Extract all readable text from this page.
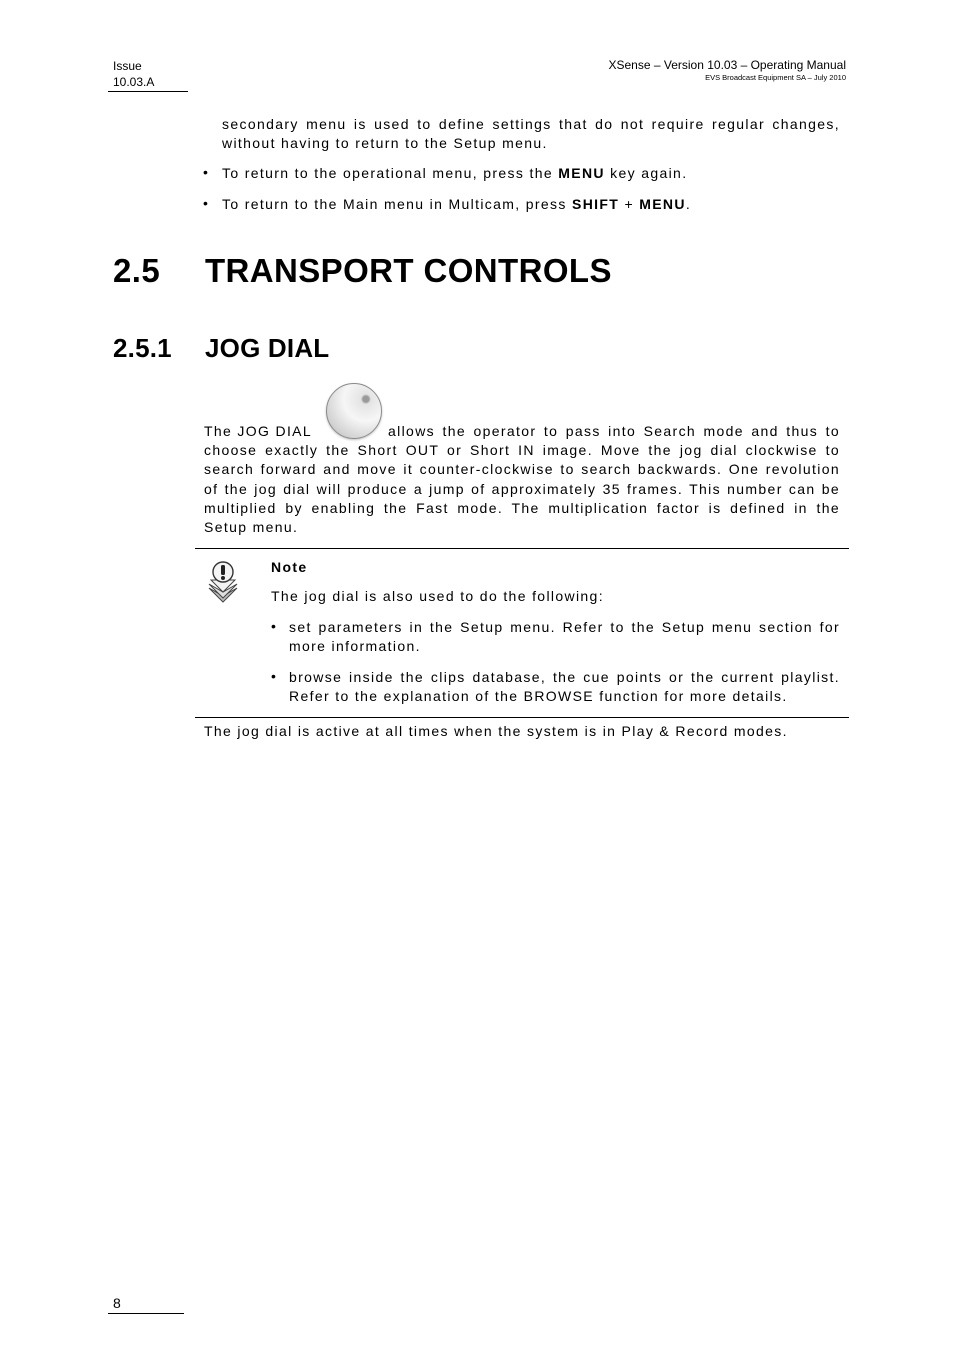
Issue
10.03.A
XSense – Version 10.03 – Operating Manual
EVS Broadcast Equipment SA – July 2010
secondary menu is used to define settings that do not require regular changes,
without having to return to the Setup menu.
• To return to the operational menu, press the MENU key again.
• To return to the Main menu in Multicam, press SHIFT + MENU.
2.5 TRANSPORT CONTROLS
2.5.1 JOG DIAL
The JOG DIAL	allows the operator to pass into Search mode and thus to
choose exactly the Short OUT or Short IN image. Move the jog dial clockwise to
search forward and move it counter-clockwise to search backwards. One revolution
of the jog dial will produce a jump of approximately 35 frames. This number can be
multiplied by enabling the Fast mode. The multiplication factor is defined in the
Setup menu.
Note
The jog dial is also used to do the following:
• set parameters in the Setup menu. Refer to the Setup menu section for
more information.
• browse inside the clips database, the cue points or the current playlist.
Refer to the explanation of the BROWSE function for more details.
The jog dial is active at all times when the system is in Play & Record modes.
8
